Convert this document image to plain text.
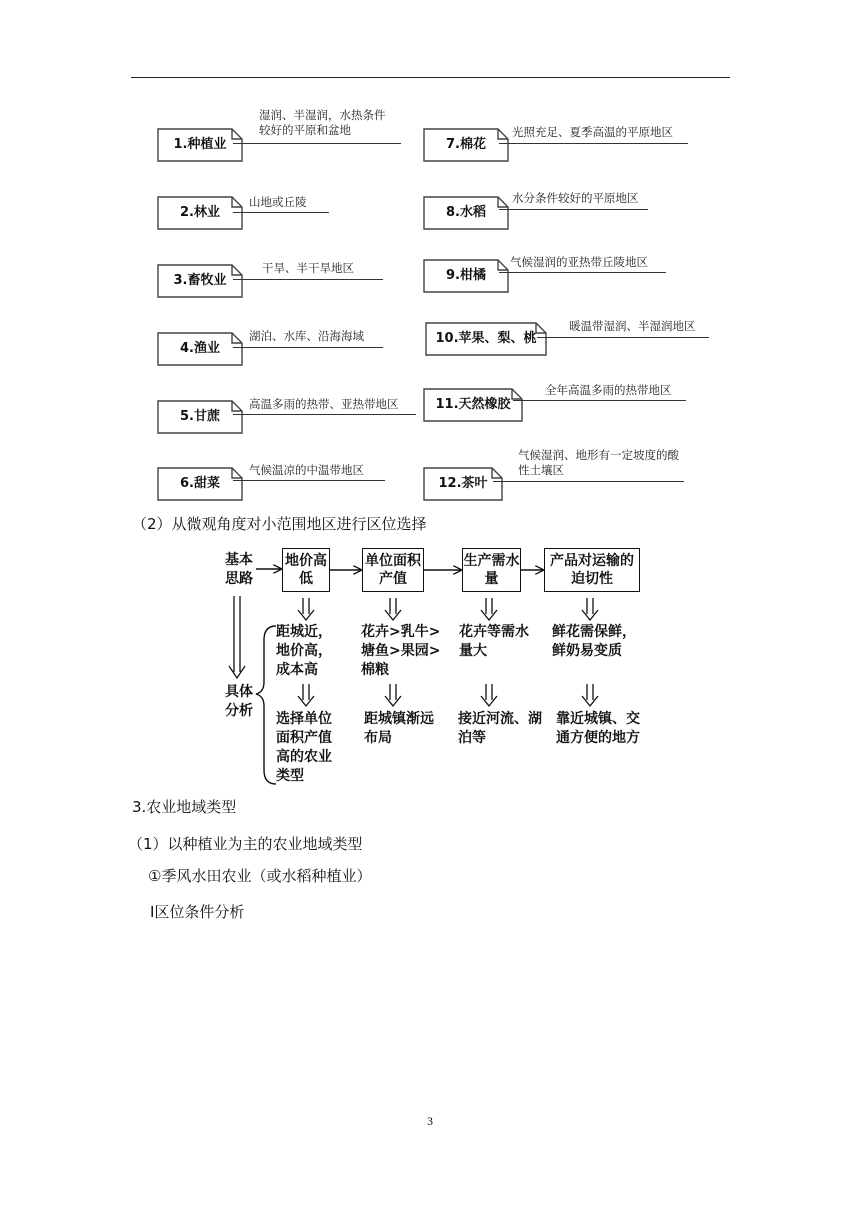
1.种植业
湿润、半湿润，水热条件较好的平原和盆地
2.林业
山地或丘陵
3.畜牧业
干旱、半干旱地区
4.渔业
湖泊、水库、沿海海域
5.甘蔗
高温多雨的热带、亚热带地区
6.甜菜
气候温凉的中温带地区
7.棉花
光照充足、夏季高温的平原地区
8.水稻
水分条件较好的平原地区
9.柑橘
气候湿润的亚热带丘陵地区
10.苹果、梨、桃
暖温带湿润、半湿润地区
11.天然橡胶
全年高温多雨的热带地区
12.茶叶
气候湿润、地形有一定坡度的酸性土壤区
（2）从微观角度对小范围地区进行区位选择
基本思路
具体分析
地价高低
单位面积产值
生产需水量
产品对运输的迫切性
距城近，地价高，成本高
花卉>乳牛>塘鱼>果园>棉粮
花卉等需水量大
鲜花需保鲜，鲜奶易变质
选择单位面积产值高的农业类型
距城镇渐远布局
接近河流、湖泊等
靠近城镇、交通方便的地方
3.农业地域类型
（1）以种植业为主的农业地域类型
①季风水田农业（或水稻种植业）
Ⅰ区位条件分析
3
